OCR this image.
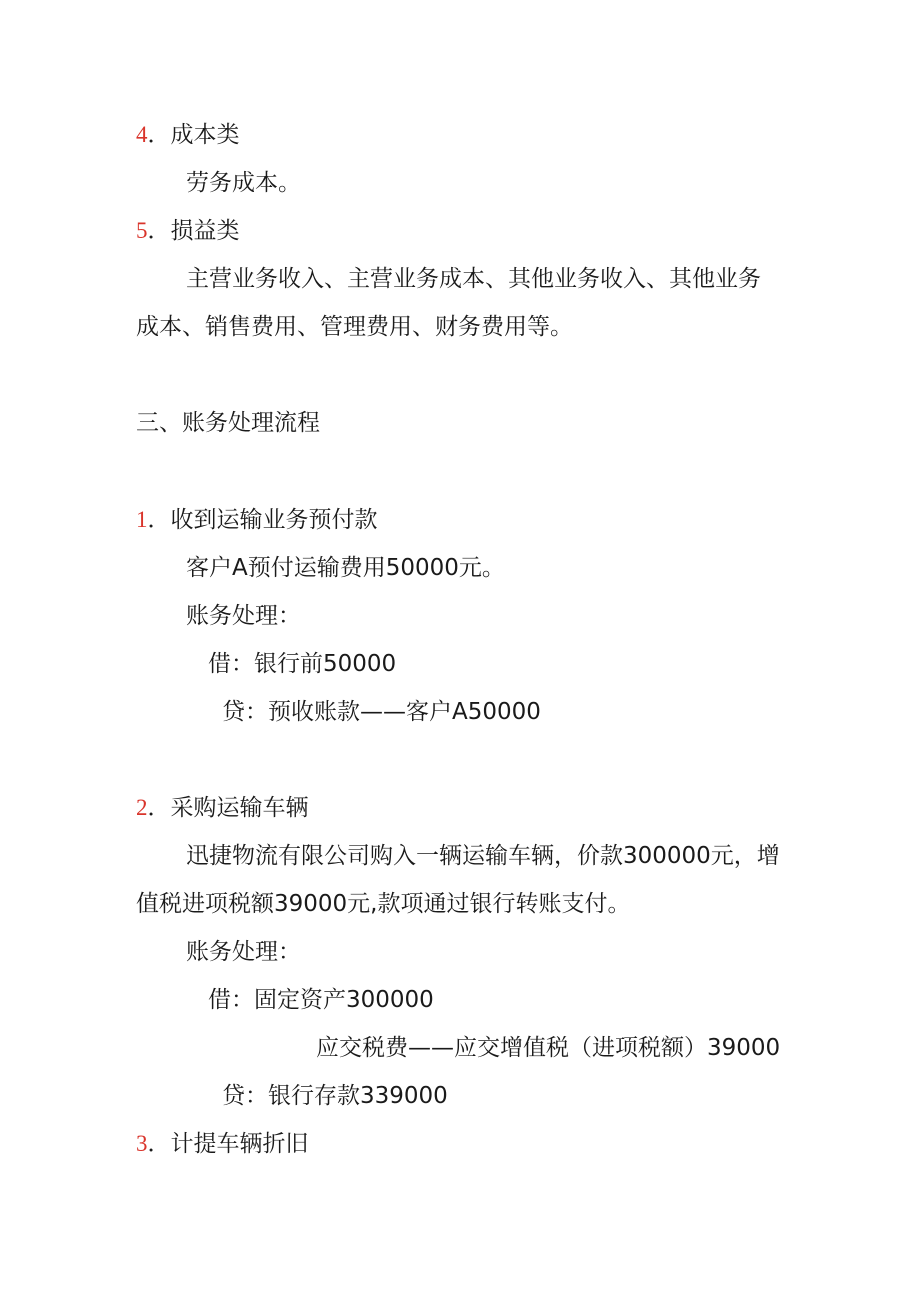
4．成本类
劳务成本。
5．损益类
主营业务收入、主营业务成本、其他业务收入、其他业务
成本、销售费用、管理费用、财务费用等。
三、账务处理流程
1．收到运输业务预付款
客户A预付运输费用50000元。
账务处理：
借：银行前50000
贷：预收账款——客户A50000
2．采购运输车辆
迅捷物流有限公司购入一辆运输车辆，价款300000元，增
值税进项税额39000元,款项通过银行转账支付。
账务处理：
借：固定资产300000
应交税费——应交增值税（进项税额）39000
贷：银行存款339000
3．计提车辆折旧
